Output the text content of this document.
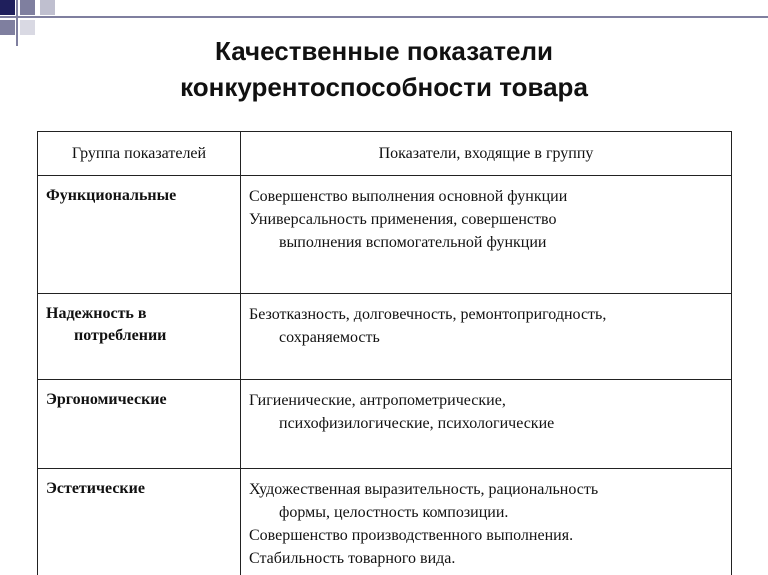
Качественные показатели
конкурентоспособности товара
Группа показателей	Показатели, входящие в группу
Функциональные	Совершенство выполнения основной функции
Универсальность применения, совершенство
выполнения вспомогательной функции

Надежность в
потреблении	Безотказность, долговечность, ремонтопригодность,
сохраняемость

Эргономические	Гигиенические, антропометрические,
психофизилогические, психологические

Эстетические	Художественная выразительность, рациональность
формы, целостность композиции.
Совершенство производственного выполнения.
Стабильность товарного вида.
